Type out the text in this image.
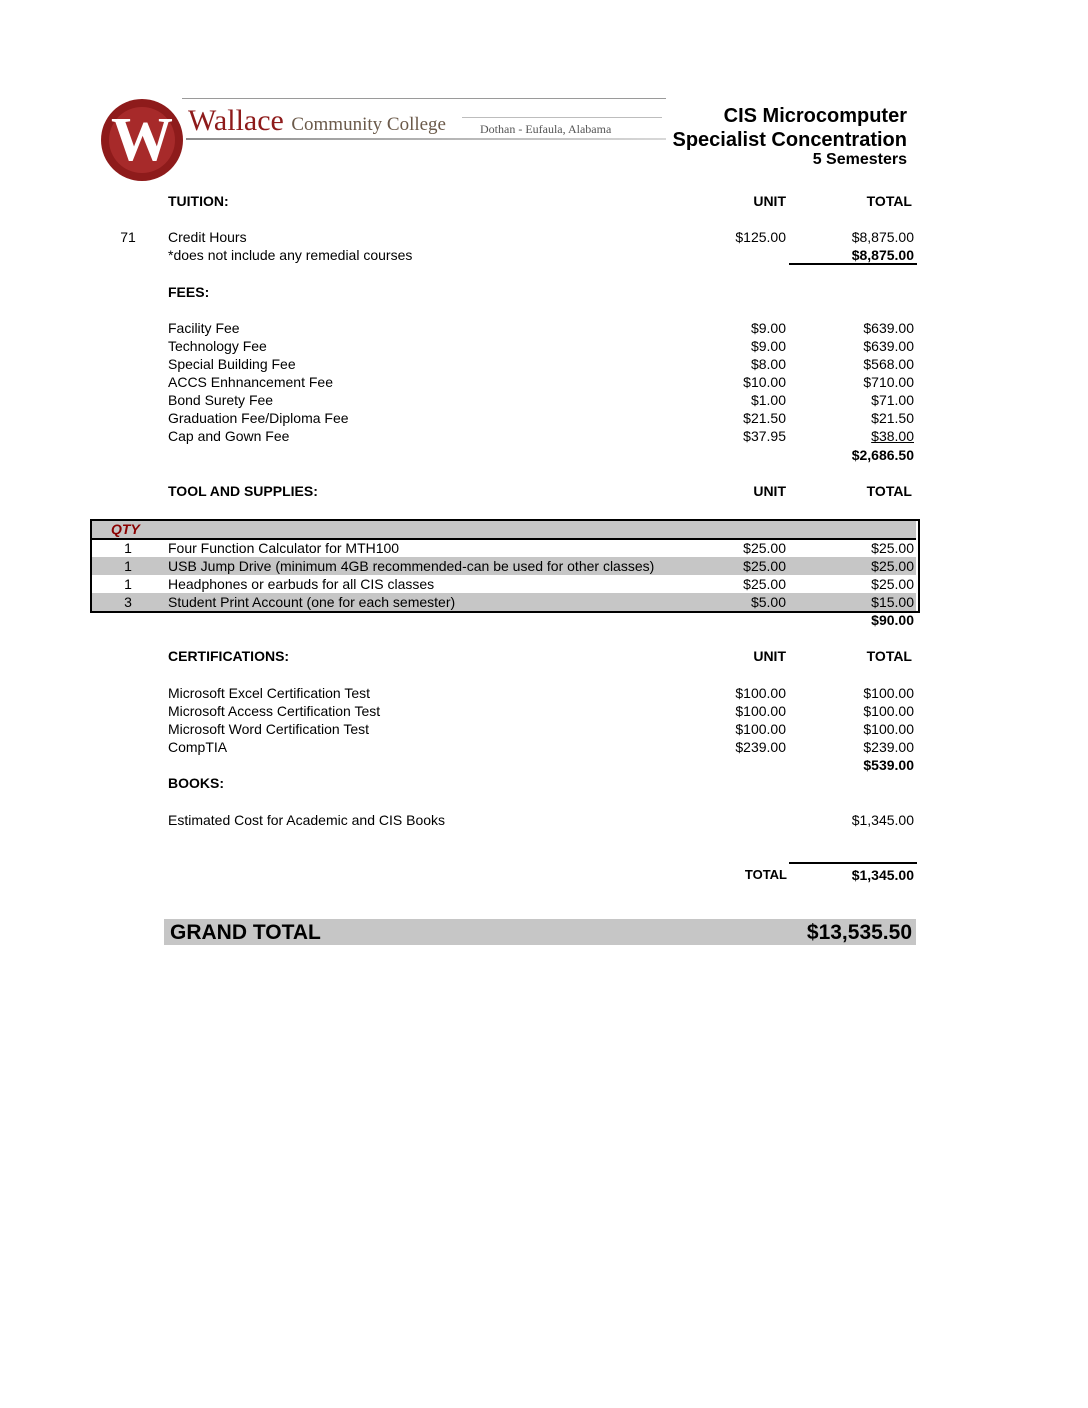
W Wallace Community College	Dothan - Eufaula, Alabama
CIS Microcomputer
Specialist Concentration
5 Semesters
TUITION:	UNIT	TOTAL
71 Credit Hours	$125.00	$8,875.00
*does not include any remedial courses	$8,875.00
FEES:
Facility Fee	$9.00	$639.00
Technology Fee	$9.00	$639.00
Special Building Fee	$8.00	$568.00
ACCS Enhnancement Fee	$10.00	$710.00
Bond Surety Fee	$1.00	$71.00
Graduation Fee/Diploma Fee	$21.50	$21.50
Cap and Gown Fee	$37.95	$38.00
$2,686.50
TOOL AND SUPPLIES:	UNIT	TOTAL
QTY
1	Four Function Calculator for MTH100	$25.00	$25.00
1	USB Jump Drive (minimum 4GB recommended-can be used for other classes)	$25.00	$25.00
1	Headphones or earbuds for all CIS classes	$25.00	$25.00
3	Student Print Account (one for each semester)	$5.00	$15.00
$90.00
CERTIFICATIONS:	UNIT	TOTAL
Microsoft Excel Certification Test	$100.00	$100.00
Microsoft Access Certification Test	$100.00	$100.00
Microsoft Word Certification Test	$100.00	$100.00
CompTIA	$239.00	$239.00
$539.00
BOOKS:
Estimated Cost for Academic and CIS Books	$1,345.00
TOTAL	$1,345.00
GRAND TOTAL	$13,535.50
